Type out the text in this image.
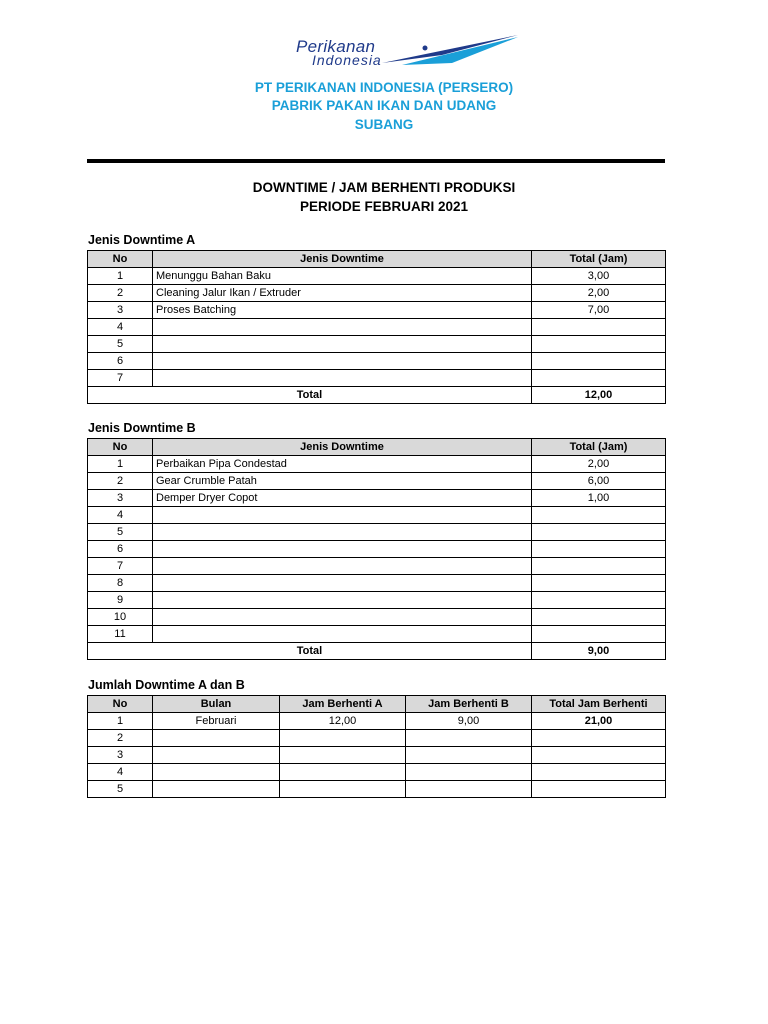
Perikanan
Indonesia
PT PERIKANAN INDONESIA (PERSERO)
PABRIK PAKAN IKAN DAN UDANG
SUBANG
DOWNTIME / JAM BERHENTI PRODUKSI
PERIODE FEBRUARI 2021
Jenis Downtime A
No	Jenis Downtime	Total (Jam)
1	Menunggu Bahan Baku	3,00
2	Cleaning Jalur Ikan / Extruder	2,00
3	Proses Batching	7,00
4		
5		
6		
7		
Total		12,00
Jenis Downtime B
No	Jenis Downtime	Total (Jam)
1	Perbaikan Pipa Condestad	2,00
2	Gear Crumble Patah	6,00
3	Demper Dryer Copot	1,00
4		
5		
6		
7		
8		
9		
10		
11		
Total		9,00
Jumlah Downtime A dan B
No	Bulan	Jam Berhenti A	Jam Berhenti B	Total Jam Berhenti
1	Februari	12,00	9,00	21,00
2				
3				
4				
5				
